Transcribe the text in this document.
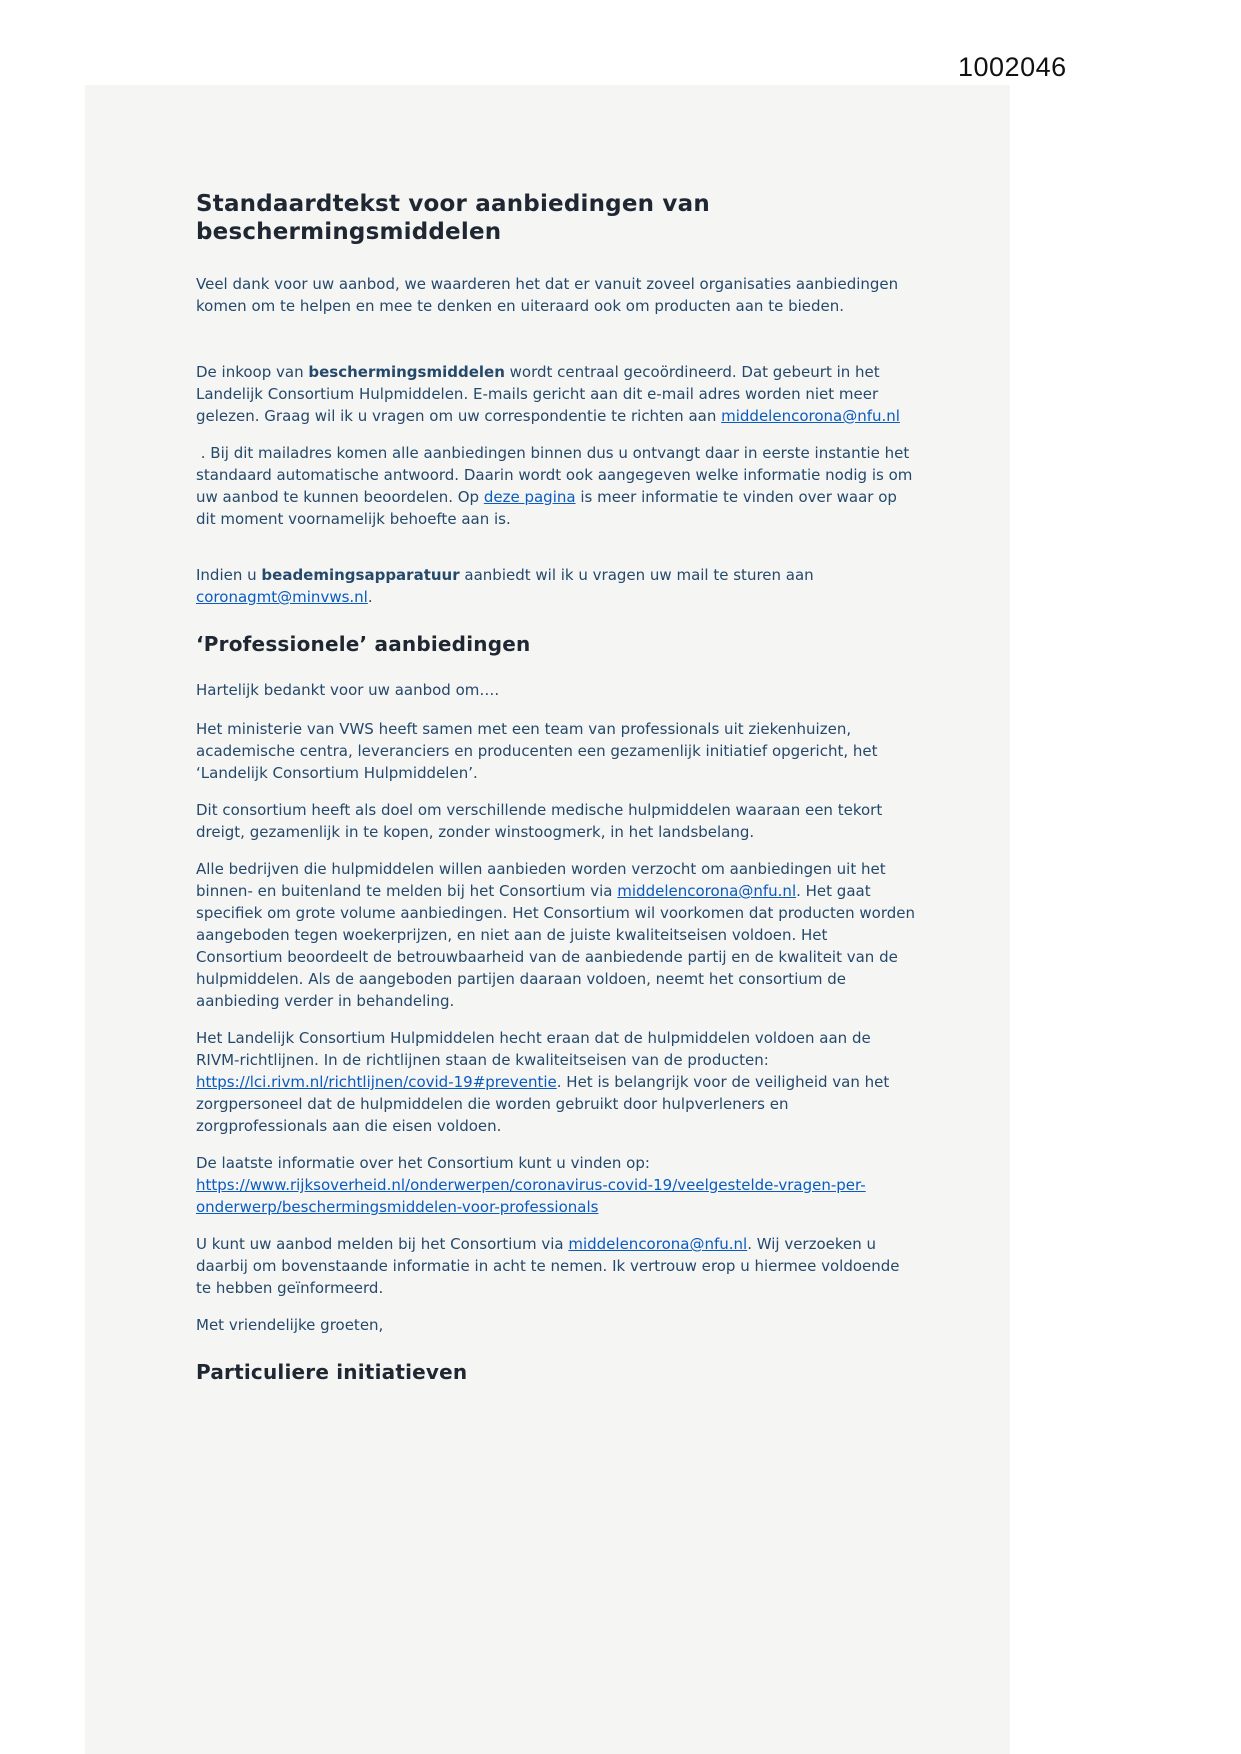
1002046
Standaardtekst voor aanbiedingen van beschermingsmiddelen

Veel dank voor uw aanbod, we waarderen het dat er vanuit zoveel organisaties aanbiedingen komen om te helpen en mee te denken en uiteraard ook om producten aan te bieden.

De inkoop van beschermingsmiddelen wordt centraal gecoördineerd. Dat gebeurt in het Landelijk Consortium Hulpmiddelen. E-mails gericht aan dit e-mail adres worden niet meer gelezen. Graag wil ik u vragen om uw correspondentie te richten aan middelencorona@nfu.nl

. Bij dit mailadres komen alle aanbiedingen binnen dus u ontvangt daar in eerste instantie het standaard automatische antwoord. Daarin wordt ook aangegeven welke informatie nodig is om uw aanbod te kunnen beoordelen. Op deze pagina is meer informatie te vinden over waar op dit moment voornamelijk behoefte aan is.

Indien u beademingsapparatuur aanbiedt wil ik u vragen uw mail te sturen aan coronagmt@minvws.nl.

‘Professionele’ aanbiedingen

Hartelijk bedankt voor uw aanbod om….

Het ministerie van VWS heeft samen met een team van professionals uit ziekenhuizen, academische centra, leveranciers en producenten een gezamenlijk initiatief opgericht, het ‘Landelijk Consortium Hulpmiddelen’.

Dit consortium heeft als doel om verschillende medische hulpmiddelen waaraan een tekort dreigt, gezamenlijk in te kopen, zonder winstoogmerk, in het landsbelang.

Alle bedrijven die hulpmiddelen willen aanbieden worden verzocht om aanbiedingen uit het binnen- en buitenland te melden bij het Consortium via middelencorona@nfu.nl. Het gaat specifiek om grote volume aanbiedingen. Het Consortium wil voorkomen dat producten worden aangeboden tegen woekerprijzen, en niet aan de juiste kwaliteitseisen voldoen. Het Consortium beoordeelt de betrouwbaarheid van de aanbiedende partij en de kwaliteit van de hulpmiddelen. Als de aangeboden partijen daaraan voldoen, neemt het consortium de aanbieding verder in behandeling.

Het Landelijk Consortium Hulpmiddelen hecht eraan dat de hulpmiddelen voldoen aan de RIVM-richtlijnen. In de richtlijnen staan de kwaliteitseisen van de producten: https://lci.rivm.nl/richtlijnen/covid-19#preventie. Het is belangrijk voor de veiligheid van het zorgpersoneel dat de hulpmiddelen die worden gebruikt door hulpverleners en zorgprofessionals aan die eisen voldoen.

De laatste informatie over het Consortium kunt u vinden op: https://www.rijksoverheid.nl/onderwerpen/coronavirus-covid-19/veelgestelde-vragen-per-onderwerp/beschermingsmiddelen-voor-professionals

U kunt uw aanbod melden bij het Consortium via middelencorona@nfu.nl. Wij verzoeken u daarbij om bovenstaande informatie in acht te nemen. Ik vertrouw erop u hiermee voldoende te hebben geïnformeerd.

Met vriendelijke groeten,

Particuliere initiatieven
